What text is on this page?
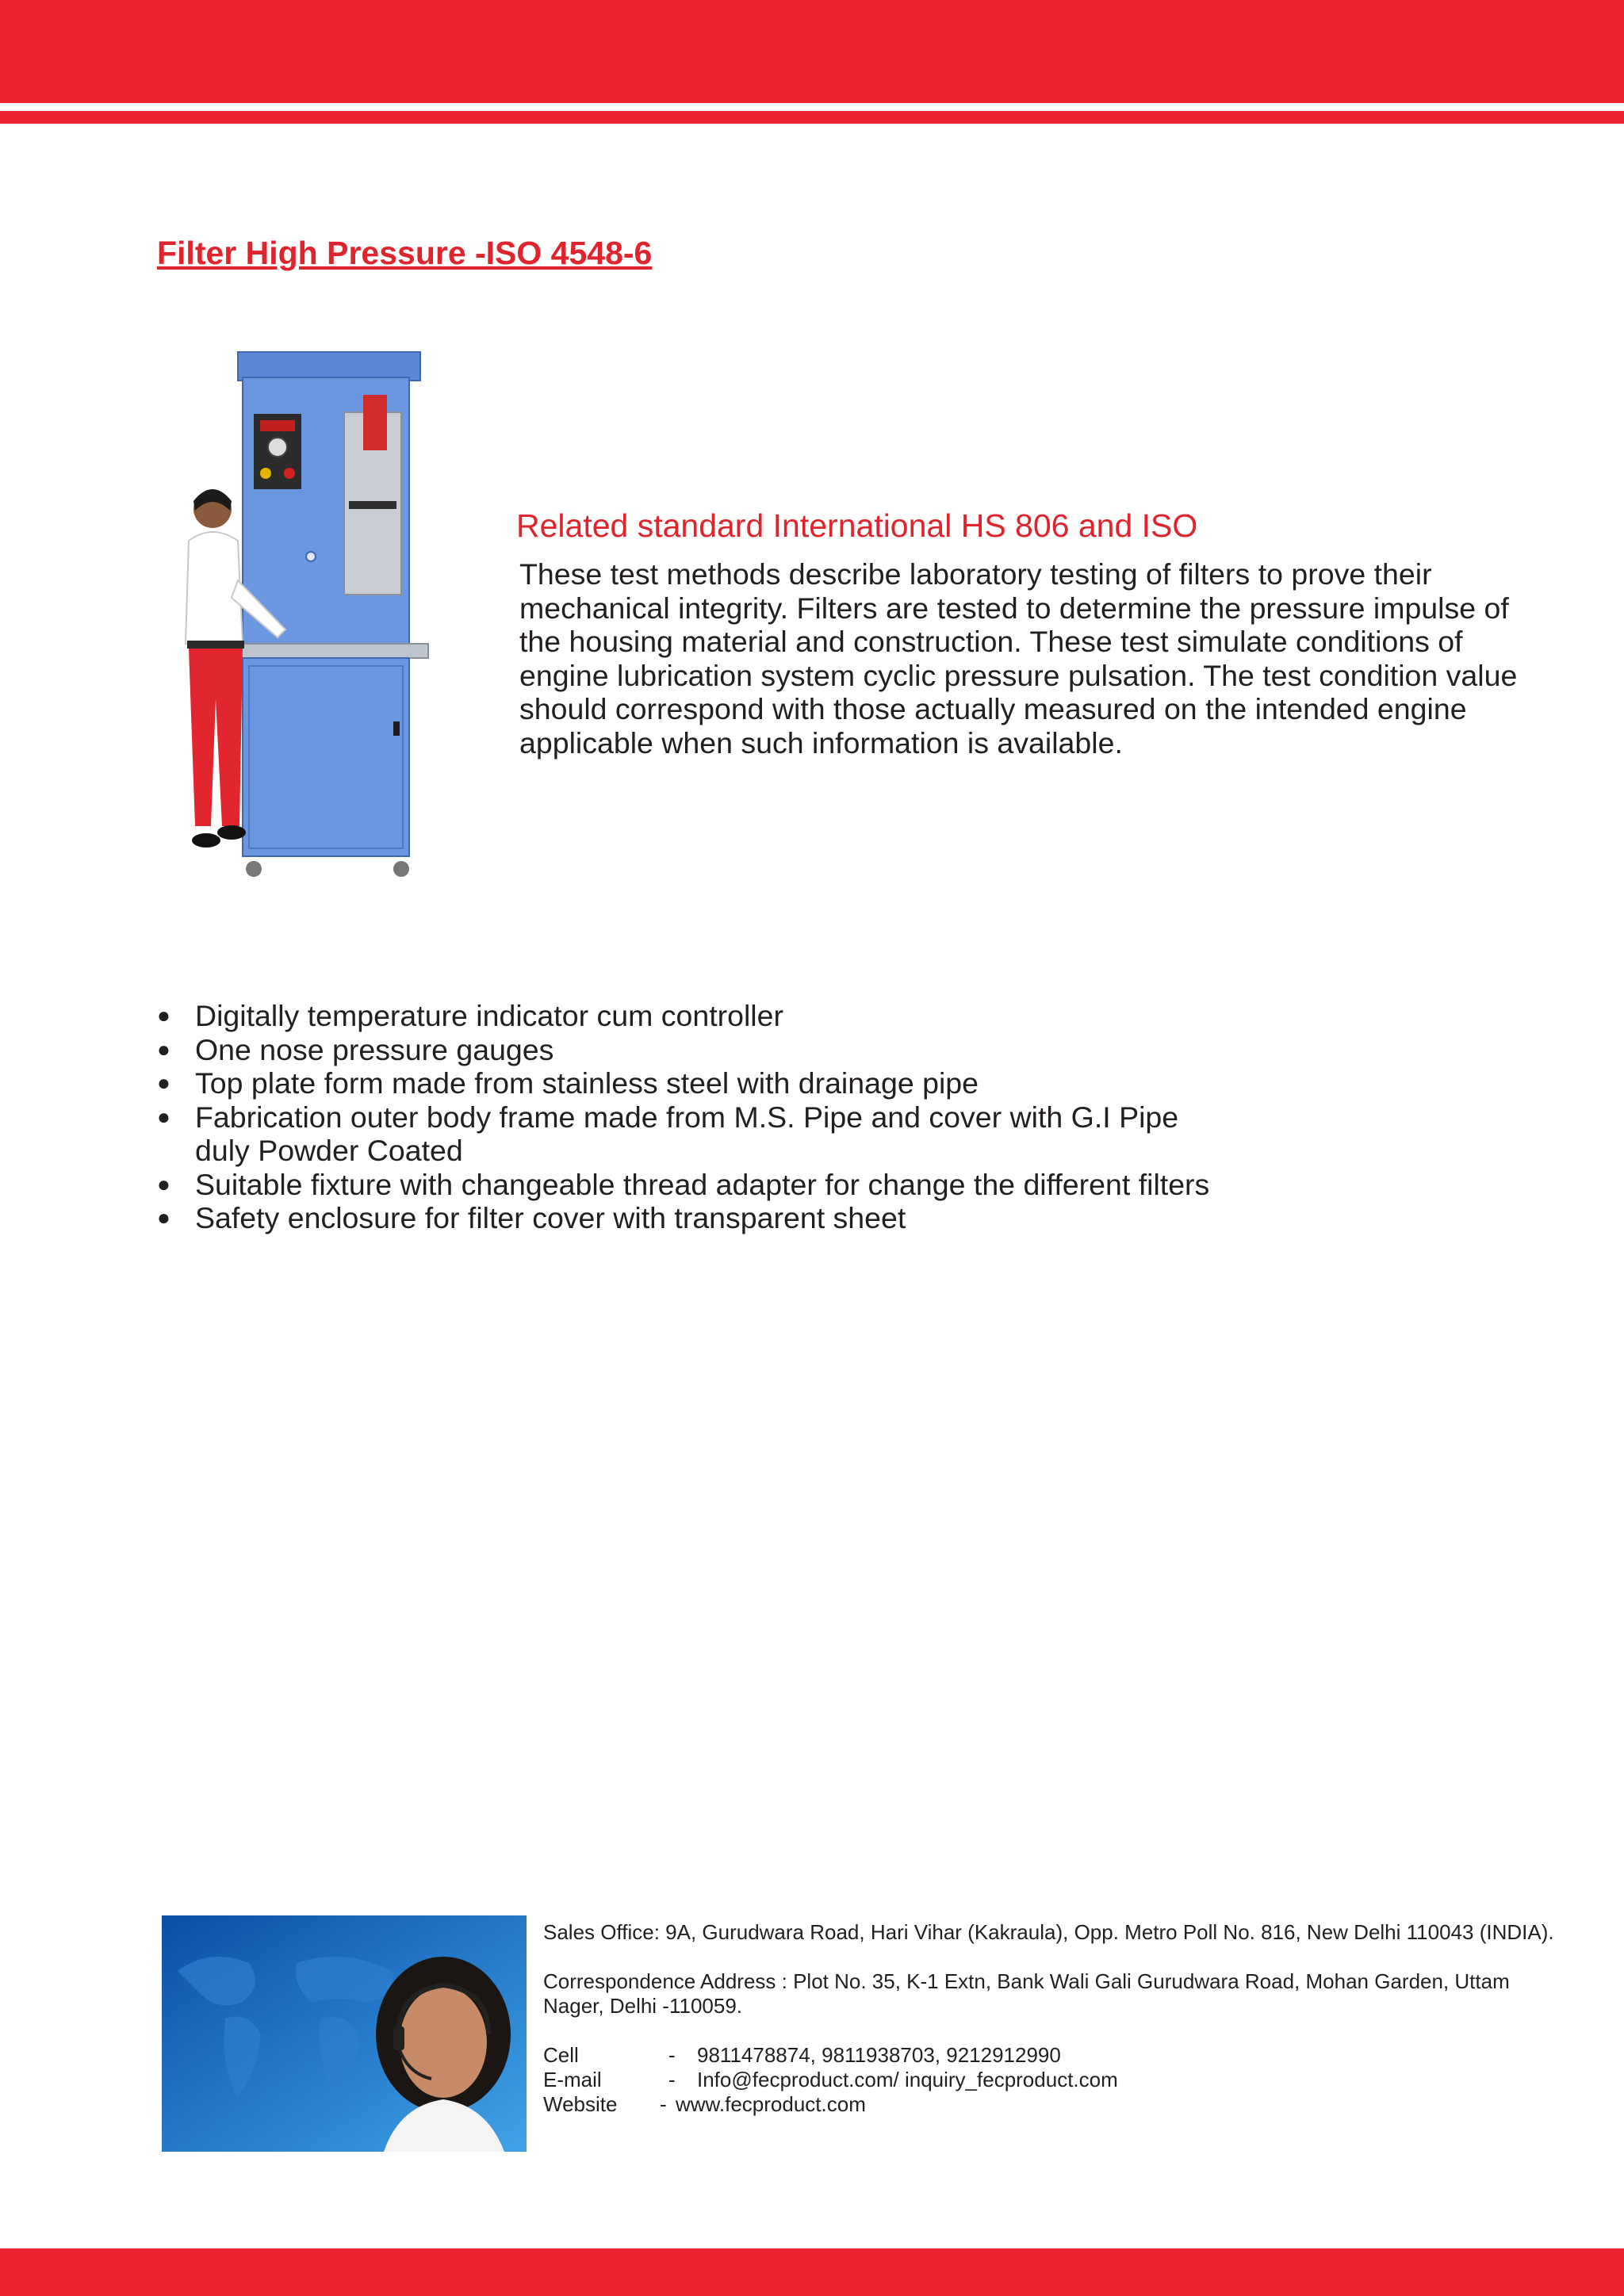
Filter High Pressure -ISO 4548-6
Related standard International HS 806 and ISO

These test methods describe laboratory testing of filters to prove their mechanical integrity. Filters are tested to determine the pressure impulse of the housing material and construction. These test simulate conditions of engine lubrication system cyclic pressure pulsation. The test condition value should correspond with those actually measured on the intended engine applicable when such information is available.

● Digitally temperature indicator cum controller
● One nose pressure gauges
● Top plate form made from stainless steel with drainage pipe
● Fabrication outer body frame made from M.S. Pipe and cover with G.I Pipe duly Powder Coated
● Suitable fixture with changeable thread adapter for change the different filters
● Safety enclosure for filter cover with transparent sheet

Sales Office: 9A, Gurudwara Road, Hari Vihar (Kakraula), Opp. Metro Poll No. 816, New Delhi 110043 (INDIA).

Correspondence Address : Plot No. 35, K-1 Extn, Bank Wali Gali Gurudwara Road, Mohan Garden, Uttam Nager, Delhi -110059.

Cell	-	9811478874, 9811938703, 9212912990
E-mail	-	Info@fecproduct.com/ inquiry_fecproduct.com
Website	- www.fecproduct.com
